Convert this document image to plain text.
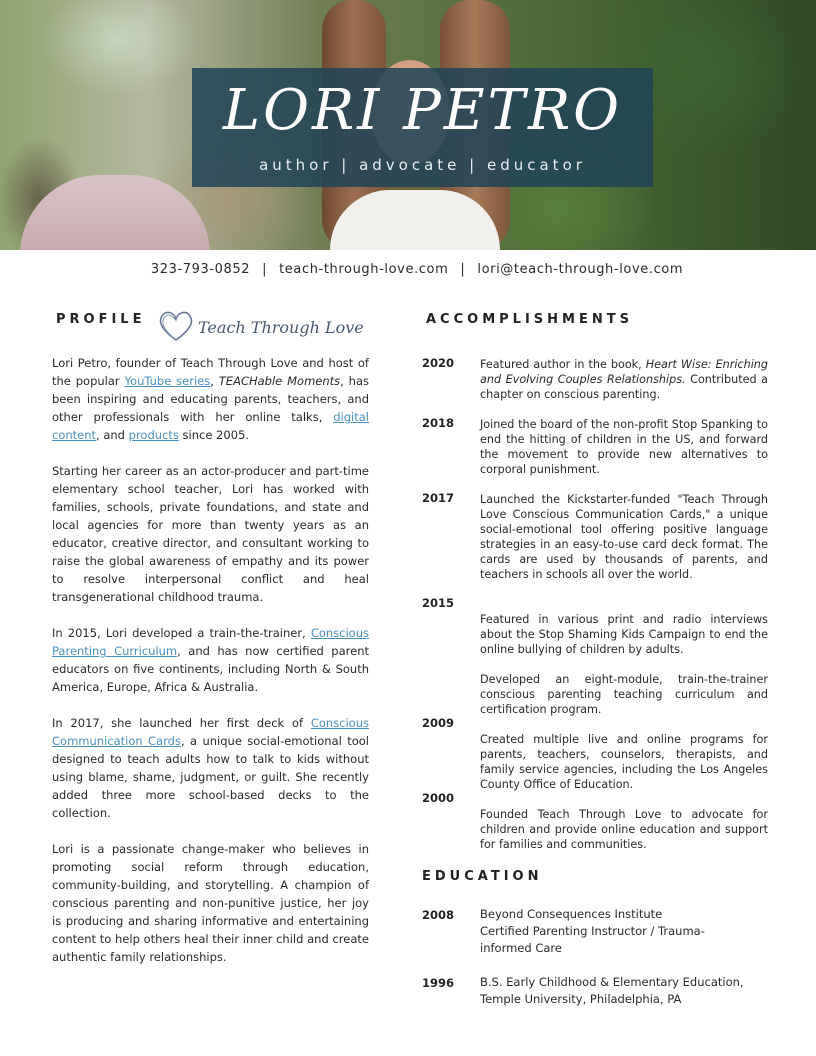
LORI PETRO
author | advocate | educator
323-793-0852 | teach-through-love.com | lori@teach-through-love.com
PROFILE	Teach Through Love

Lori Petro, founder of Teach Through Love and host of the popular YouTube series, TEACHable Moments, has been inspiring and educating parents, teachers, and other professionals with her online talks, digital content, and products since 2005.

Starting her career as an actor-producer and part-time elementary school teacher, Lori has worked with families, schools, private foundations, and state and local agencies for more than twenty years as an educator, creative director, and consultant working to raise the global awareness of empathy and its power to resolve interpersonal conflict and heal transgenerational childhood trauma.

In 2015, Lori developed a train-the-trainer, Conscious Parenting Curriculum, and has now certified parent educators on five continents, including North & South America, Europe, Africa & Australia.

In 2017, she launched her first deck of Conscious Communication Cards, a unique social-emotional tool designed to teach adults how to talk to kids without using blame, shame, judgment, or guilt. She recently added three more school-based decks to the collection.

Lori is a passionate change-maker who believes in promoting social reform through education, community-building, and storytelling. A champion of conscious parenting and non-punitive justice, her joy is producing and sharing informative and entertaining content to help others heal their inner child and create authentic family relationships.

ACCOMPLISHMENTS
2020 Featured author in the book, Heart Wise: Enriching and Evolving Couples Relationships. Contributed a chapter on conscious parenting.
2018 Joined the board of the non-profit Stop Spanking to end the hitting of children in the US, and forward the movement to provide new alternatives to corporal punishment.
2017 Launched the Kickstarter-funded "Teach Through Love Conscious Communication Cards," a unique social-emotional tool offering positive language strategies in an easy-to-use card deck format. The cards are used by thousands of parents, and teachers in schools all over the world.
2015
Featured in various print and radio interviews about the Stop Shaming Kids Campaign to end the online bullying of children by adults.
Developed an eight-module, train-the-trainer conscious parenting teaching curriculum and certification program.
2009
Created multiple live and online programs for parents, teachers, counselors, therapists, and family service agencies, including the Los Angeles County Office of Education.
2000
Founded Teach Through Love to advocate for children and provide online education and support for families and communities.
EDUCATION
2008 Beyond Consequences Institute
Certified Parenting Instructor / Trauma-informed Care
1996 B.S. Early Childhood & Elementary Education,
Temple University, Philadelphia, PA
